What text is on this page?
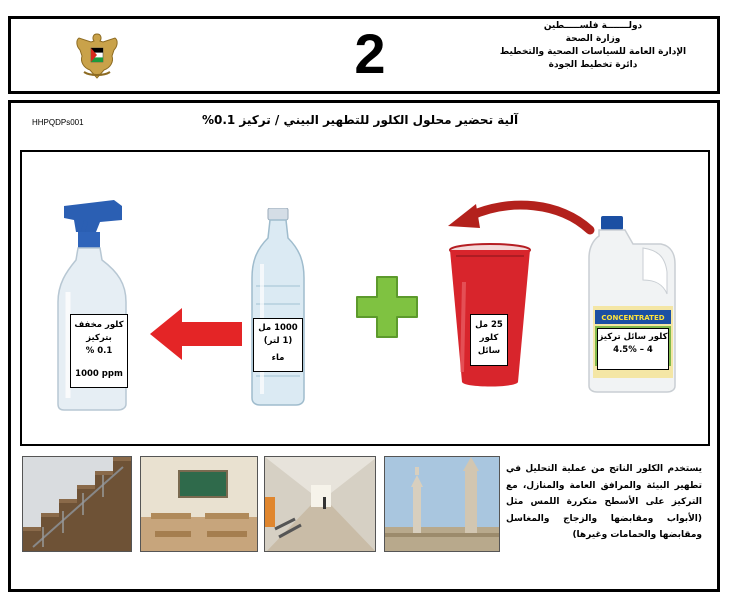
2	دولـــــــة فلســـــطين
وزارة الصحة
الإدارة العامة للسياسات الصحية والتخطيط
دائرة تخطيط الجودة
HHPQDPs001	آلية تحضير محلول الكلور للتطهير البيني / تركيز 0.1%
CONCENTRATED
كلور سائل تركيز
4 – 4.5%
25 مل
كلور
سائل
1000 مل
(1 لتر)
ماء
كلور مخفف
بتركيز
0.1 %
1000 ppm
يستخدم الكلور الناتج من عملية التحليل في تطهير البيئة والمرافق العامة والمنازل، مع التركيز على الأسطح متكررة اللمس مثل (الأبواب ومقابضها والزجاج والمغاسل ومقابضها والحمامات وغيرها)
